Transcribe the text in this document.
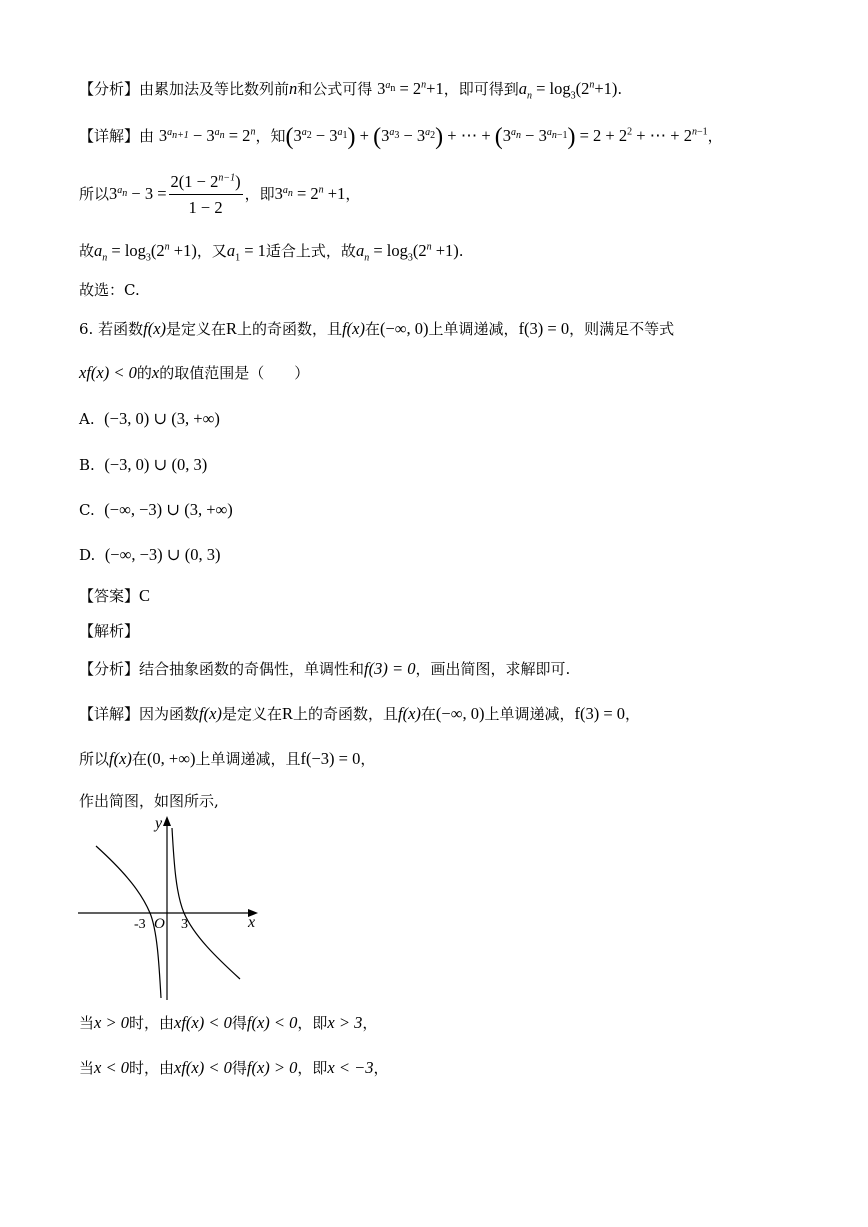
【分析】由累加法及等比数列前n和公式可得 $3^{a_n} = 2^n+1$，即可得到$a_n = \log_3(2^n+1)$.
【详解】由 $3^{a_{n+1}} - 3^{a_n} = 2^n$，知$(3^{a_2} - 3^{a_1}) + (3^{a_3} - 3^{a_2})$ + ⋯ + $(3^{a_n} - 3^{a_{n-1}}) = 2 + 2^2$ + ⋯ + $2^{n-1}$，
所以$3^{a_n} - 3 = \frac{2(1 - 2^{n-1})}{1 - 2}$ ，即$3^{a_n} = 2^n +1$，
故$a_n = \log_3(2^n +1)$，又$a_1 = 1$适合上式，故$a_n = \log_3(2^n +1)$.
故选：C.
6. 若函数f(x)是定义在R上的奇函数，且f(x)在(−∞, 0)上单调递减，f(3) = 0，则满足不等式
xf(x) < 0的x的取值范围是（　　）
A. (−3, 0) ∪ (3, +∞)
B. (−3, 0) ∪ (0, 3)
C. (−∞, −3) ∪ (3, +∞)
D. (−∞, −3) ∪ (0, 3)
【答案】C
【解析】
【分析】结合抽象函数的奇偶性，单调性和f(3) = 0，画出简图，求解即可.
【详解】因为函数f(x)是定义在R上的奇函数，且f(x)在(−∞, 0)上单调递减，f(3) = 0，
所以f(x)在(0, +∞)上单调递减，且f(−3) = 0，
作出简图，如图所示,
y
x
O
-3	3
当x > 0时，由xf(x) < 0得f(x) < 0，即x > 3，
当x < 0时，由xf(x) < 0得f(x) > 0，即x < −3，
